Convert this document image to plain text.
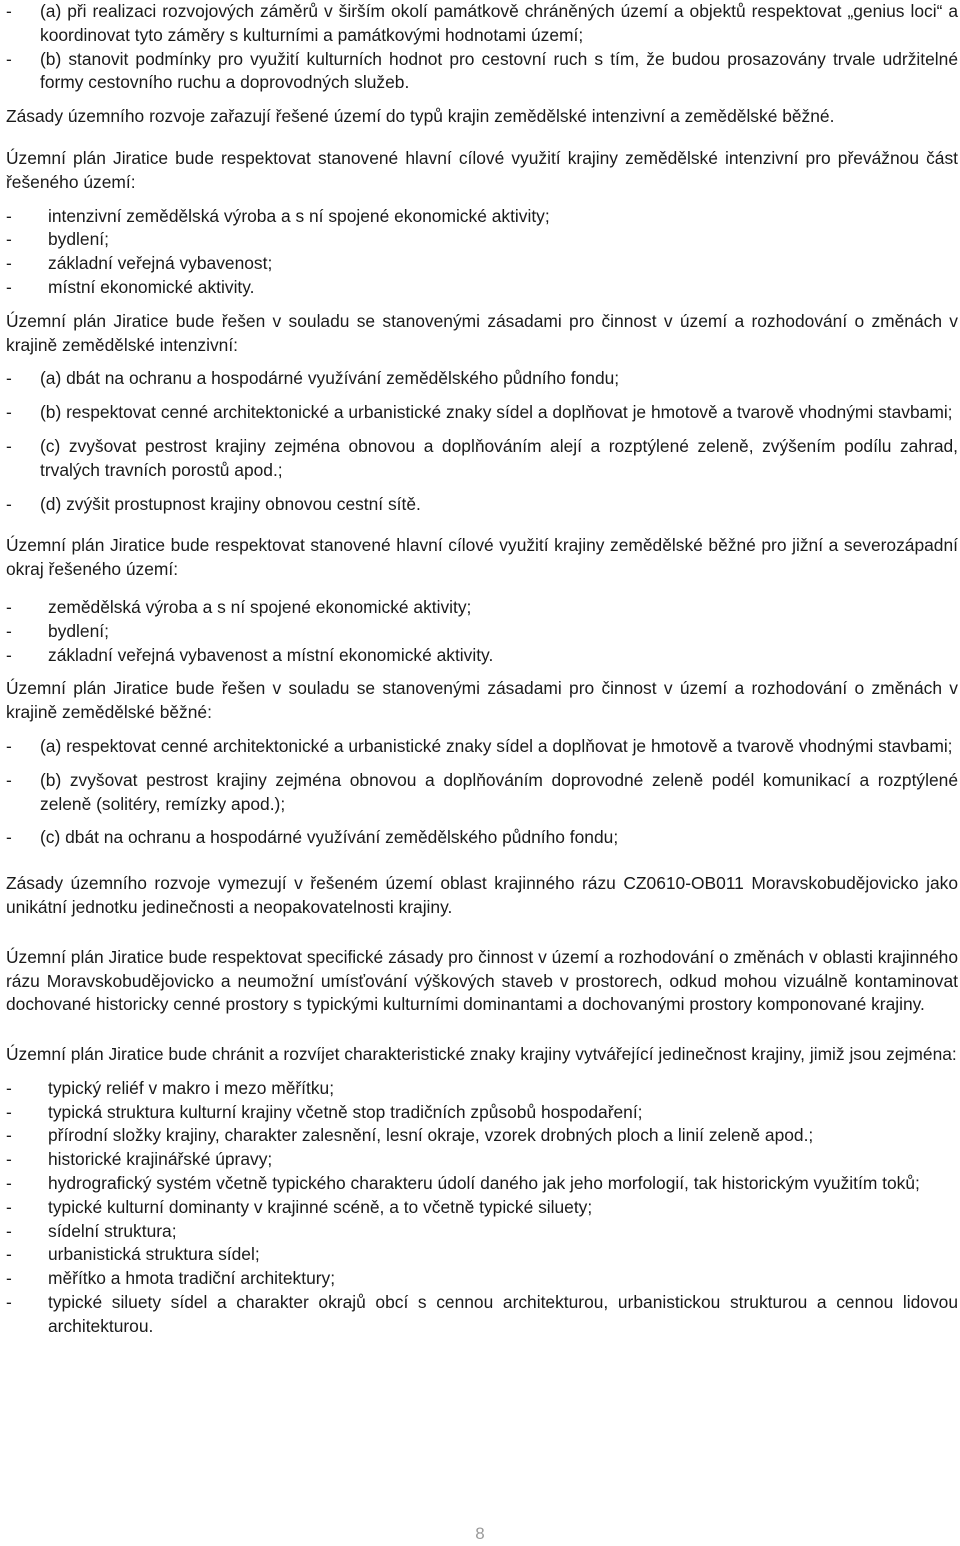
- (a) při realizaci rozvojových záměrů v širším okolí památkově chráněných území a objektů respektovat „genius loci“ a koordinovat tyto záměry s kulturními a památkovými hodnotami území;
- (b) stanovit podmínky pro využití kulturních hodnot pro cestovní ruch s tím, že budou prosazovány trvale udržitelné formy cestovního ruchu a doprovodných služeb.

Zásady územního rozvoje zařazují řešené území do typů krajin zemědělské intenzivní a zemědělské běžné.

Územní plán Jiratice bude respektovat stanovené hlavní cílové využití krajiny zemědělské intenzivní pro převážnou část řešeného území:

- intenzivní zemědělská výroba a s ní spojené ekonomické aktivity;
- bydlení;
- základní veřejná vybavenost;
- místní ekonomické aktivity.

Územní plán Jiratice bude řešen v souladu se stanovenými zásadami pro činnost v území a rozhodování o změnách v krajině zemědělské intenzivní:

- (a) dbát na ochranu a hospodárné využívání zemědělského půdního fondu;
- (b) respektovat cenné architektonické a urbanistické znaky sídel a doplňovat je hmotově a tvarově vhodnými stavbami;
- (c) zvyšovat pestrost krajiny zejména obnovou a doplňováním alejí a rozptýlené zeleně, zvýšením podílu zahrad, trvalých travních porostů apod.;
- (d) zvýšit prostupnost krajiny obnovou cestní sítě.

Územní plán Jiratice bude respektovat stanovené hlavní cílové využití krajiny zemědělské běžné pro jižní a severozápadní okraj řešeného území:

- zemědělská výroba a s ní spojené ekonomické aktivity;
- bydlení;
- základní veřejná vybavenost a místní ekonomické aktivity.

Územní plán Jiratice bude řešen v souladu se stanovenými zásadami pro činnost v území a rozhodování o změnách v krajině zemědělské běžné:

- (a) respektovat cenné architektonické a urbanistické znaky sídel a doplňovat je hmotově a tvarově vhodnými stavbami;
- (b) zvyšovat pestrost krajiny zejména obnovou a doplňováním doprovodné zeleně podél komunikací a rozptýlené zeleně (solitéry, remízky apod.);
- (c) dbát na ochranu a hospodárné využívání zemědělského půdního fondu;

Zásady územního rozvoje vymezují v řešeném území oblast krajinného rázu CZ0610-OB011 Moravskobudějovicko jako unikátní jednotku jedinečnosti a neopakovatelnosti krajiny.

Územní plán Jiratice bude respektovat specifické zásady pro činnost v území a rozhodování o změnách v oblasti krajinného rázu Moravskobudějovicko a neumožní umísťování výškových staveb v prostorech, odkud mohou vizuálně kontaminovat dochované historicky cenné prostory s typickými kulturními dominantami a dochovanými prostory komponované krajiny.

Územní plán Jiratice bude chránit a rozvíjet charakteristické znaky krajiny vytvářející jedinečnost krajiny, jimiž jsou zejména:

- typický reliéf v makro i mezo měřítku;
- typická struktura kulturní krajiny včetně stop tradičních způsobů hospodaření;
- přírodní složky krajiny, charakter zalesnění, lesní okraje, vzorek drobných ploch a linií zeleně apod.;
- historické krajinářské úpravy;
- hydrografický systém včetně typického charakteru údolí daného jak jeho morfologií, tak historickým využitím toků;
- typické kulturní dominanty v krajinné scéně, a to včetně typické siluety;
- sídelní struktura;
- urbanistická struktura sídel;
- měřítko a hmota tradiční architektury;
- typické siluety sídel a charakter okrajů obcí s cennou architekturou, urbanistickou strukturou a cennou lidovou architekturou.
8
